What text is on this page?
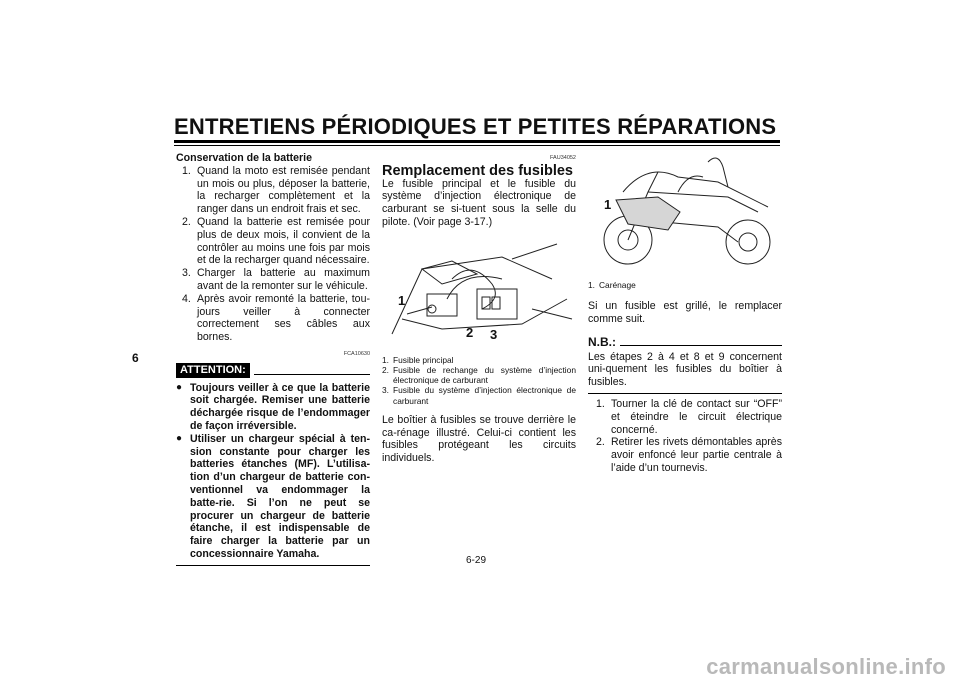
ENTRETIENS PÉRIODIQUES ET PETITES RÉPARATIONS
6
Conservation de la batterie
1. Quand la moto est remisée pendant un mois ou plus, déposer la batterie, la recharger complètement et la ranger dans un endroit frais et sec.
2. Quand la batterie est remisée pour plus de deux mois, il convient de la contrôler au moins une fois par mois et de la recharger quand nécessaire.
3. Charger la batterie au maximum avant de la remonter sur le véhicule.
4. Après avoir remonté la batterie, tou-jours veiller à connecter correctement ses câbles aux bornes.
FCA10630
ATTENTION:
● Toujours veiller à ce que la batterie soit chargée. Remiser une batterie déchargée risque de l’endommager de façon irréversible.
● Utiliser un chargeur spécial à ten-sion constante pour charger les batteries étanches (MF). L’utilisa-tion d’un chargeur de batterie con-ventionnel va endommager la batte-rie. Si l’on ne peut se procurer un chargeur de batterie étanche, il est indispensable de faire charger la batterie par un concessionnaire Yamaha.
FAU34052
Remplacement des fusibles
Le fusible principal et le fusible du système d’injection électronique de carburant se si-tuent sous la selle du pilote. (Voir page 3-17.)
1
2 3
1. Fusible principal
2. Fusible de rechange du système d’injection électronique de carburant
3. Fusible du système d’injection électronique de carburant
Le boîtier à fusibles se trouve derrière le ca-rénage illustré. Celui-ci contient les fusibles protégeant les circuits individuels.
1
1. Carénage
Si un fusible est grillé, le remplacer comme suit.
N.B.:
Les étapes 2 à 4 et 8 et 9 concernent uni-quement les fusibles du boîtier à fusibles.
1. Tourner la clé de contact sur “OFF” et éteindre le circuit électrique concerné.
2. Retirer les rivets démontables après avoir enfoncé leur partie centrale à l’aide d’un tournevis.
6-29
carmanualsonline.info
